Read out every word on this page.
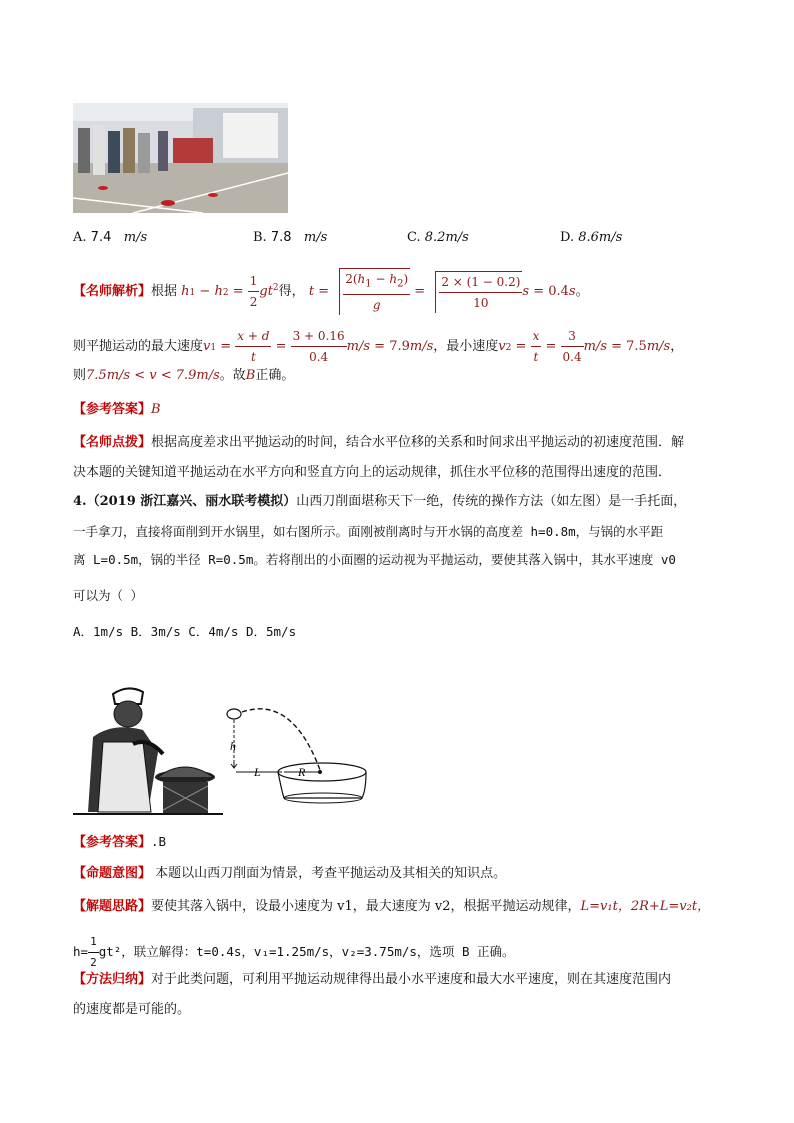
A. 7.4 m/s	B. 7.8 m/s	C. 8.2m/s	D. 8.6m/s
【名师解析】根据 $h1 - h2 = \frac{1}{2} gt^2$得， $t = \frac{2(h_1 - h_2)}{g} = \frac{2 \times (1 - 0.2)}{10}$ s = 0.4s。
则平抛运动的最大速度$v1 = \frac{x + d}{t} = \frac{3 + 0.16}{0.4} m/s = 7.9m/s$，最小速度$v2 = \frac{x}{t} = \frac{3}{0.4} m/s = 7.5m/s$，
则7.5m/s < v < 7.9m/s。故B正确。
【参考答案】B
【名师点拨】根据高度差求出平抛运动的时间，结合水平位移的关系和时间求出平抛运动的初速度范围．解
决本题的关键知道平抛运动在水平方向和竖直方向上的运动规律，抓住水平位移的范围得出速度的范围．
4.（2019 浙江嘉兴、丽水联考模拟）山西刀削面堪称天下一绝，传统的操作方法（如左图）是一手托面，
一手拿刀，直接将面削到开水锅里，如右图所示。面刚被削离时与开水锅的高度差 h=0.8m，与锅的水平距
离 L=0.5m，锅的半径 R=0.5m。若将削出的小面圈的运动视为平抛运动，要使其落入锅中，其水平速度 v0
可以为（ ）
A．1m/s B．3m/s C．4m/s D．5m/s
h
L	R
【参考答案】.B
【命题意图】 本题以山西刀削面为情景，考查平抛运动及其相关的知识点。
【解题思路】要使其落入锅中，设最小速度为 v1，最大速度为 v2，根据平抛运动规律，L=v₁t，2R+L=v₂t，
$h= \frac{1}{2} gt^2$，联立解得：t=0.4s，v₁=1.25m/s，v₂=3.75m/s，选项 B 正确。
【方法归纳】对于此类问题，可利用平抛运动规律得出最小水平速度和最大水平速度，则在其速度范围内
的速度都是可能的。
